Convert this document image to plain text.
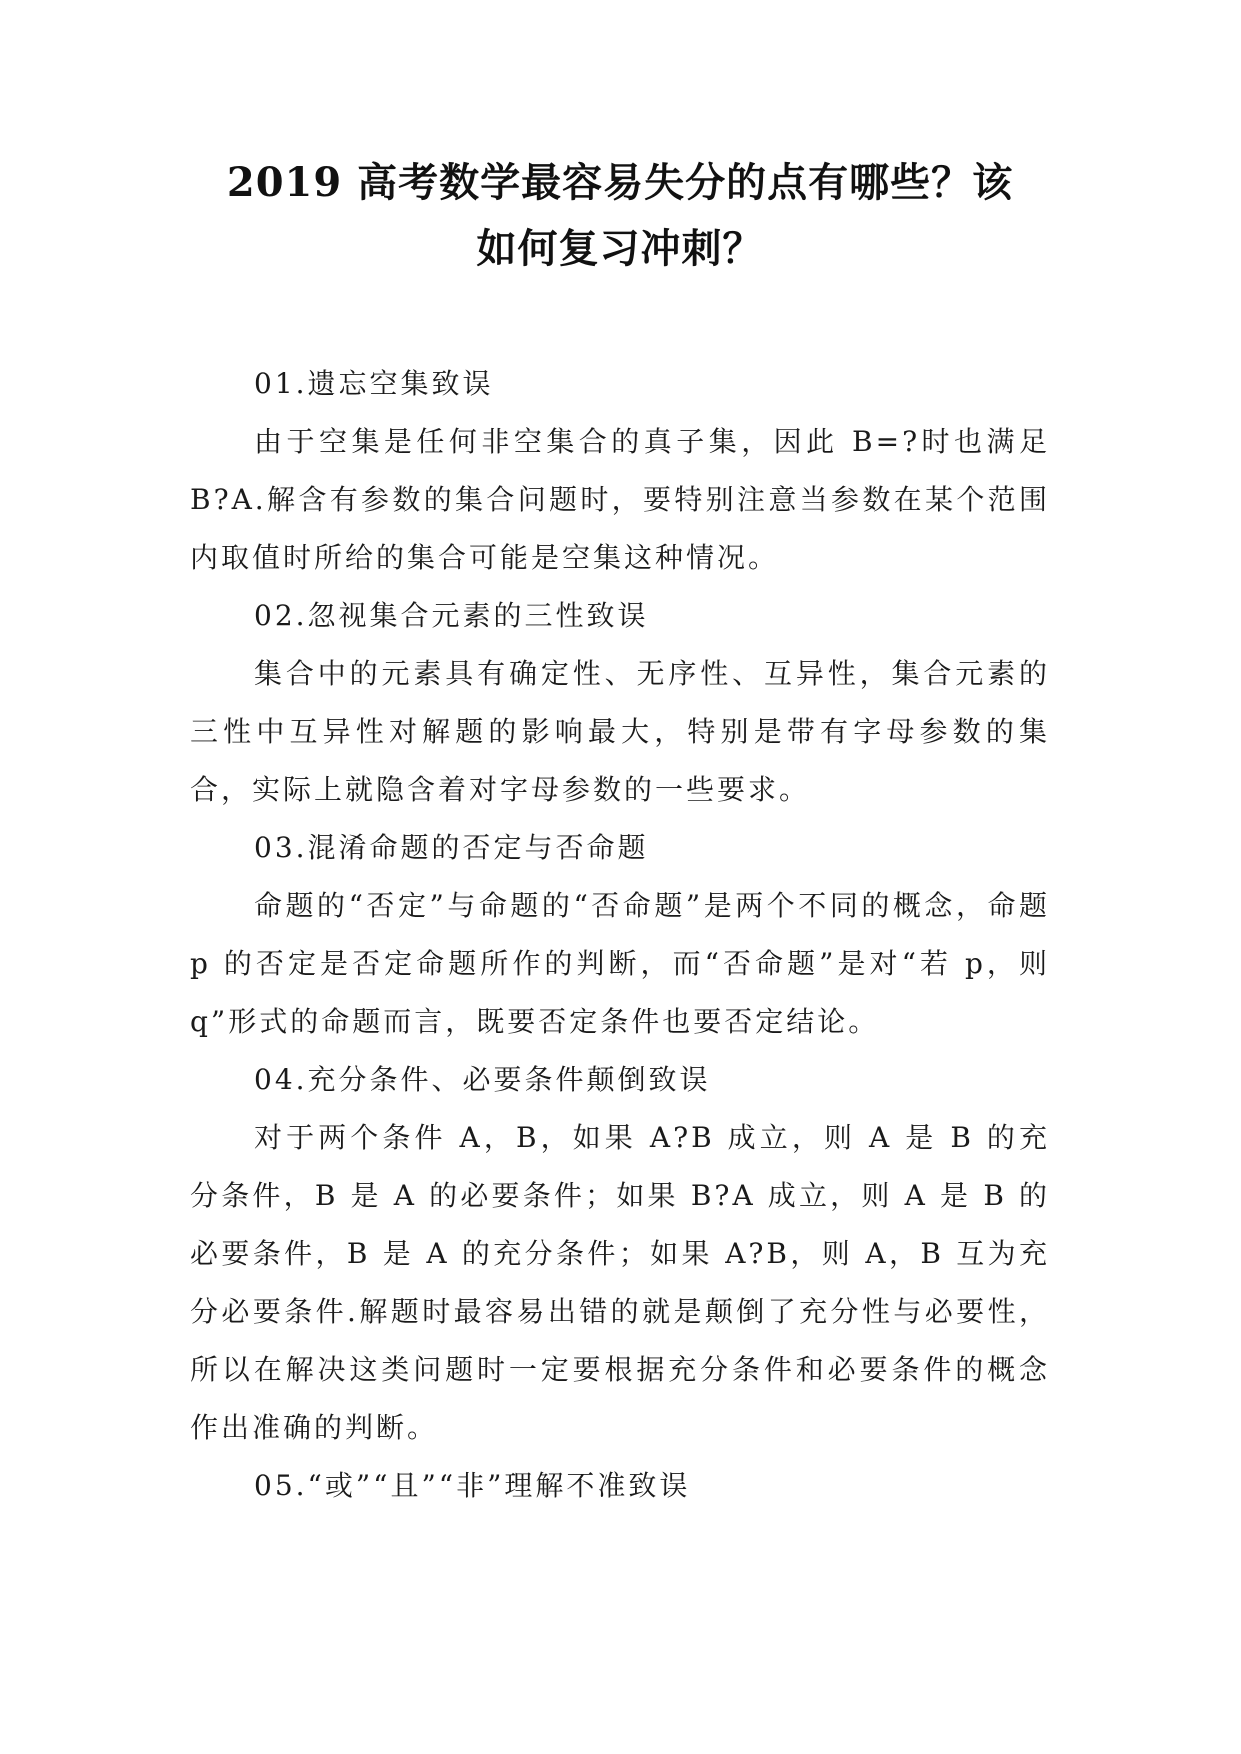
2019 高考数学最容易失分的点有哪些？该
如何复习冲刺？

01.遗忘空集致误

由于空集是任何非空集合的真子集，因此 B=?时也满足 B?A.解含有参数的集合问题时，要特别注意当参数在某个范围内取值时所给的集合可能是空集这种情况。

02.忽视集合元素的三性致误

集合中的元素具有确定性、无序性、互异性，集合元素的三性中互异性对解题的影响最大，特别是带有字母参数的集合，实际上就隐含着对字母参数的一些要求。

03.混淆命题的否定与否命题

命题的“否定”与命题的“否命题”是两个不同的概念，命题 p 的否定是否定命题所作的判断，而“否命题”是对“若 p，则 q”形式的命题而言，既要否定条件也要否定结论。

04.充分条件、必要条件颠倒致误

对于两个条件 A，B，如果 A?B 成立，则 A 是 B 的充分条件，B 是 A 的必要条件；如果 B?A 成立，则 A 是 B 的必要条件，B 是 A 的充分条件；如果 A?B，则 A，B 互为充分必要条件.解题时最容易出错的就是颠倒了充分性与必要性，所以在解决这类问题时一定要根据充分条件和必要条件的概念作出准确的判断。

05.“或”“且”“非”理解不准致误
